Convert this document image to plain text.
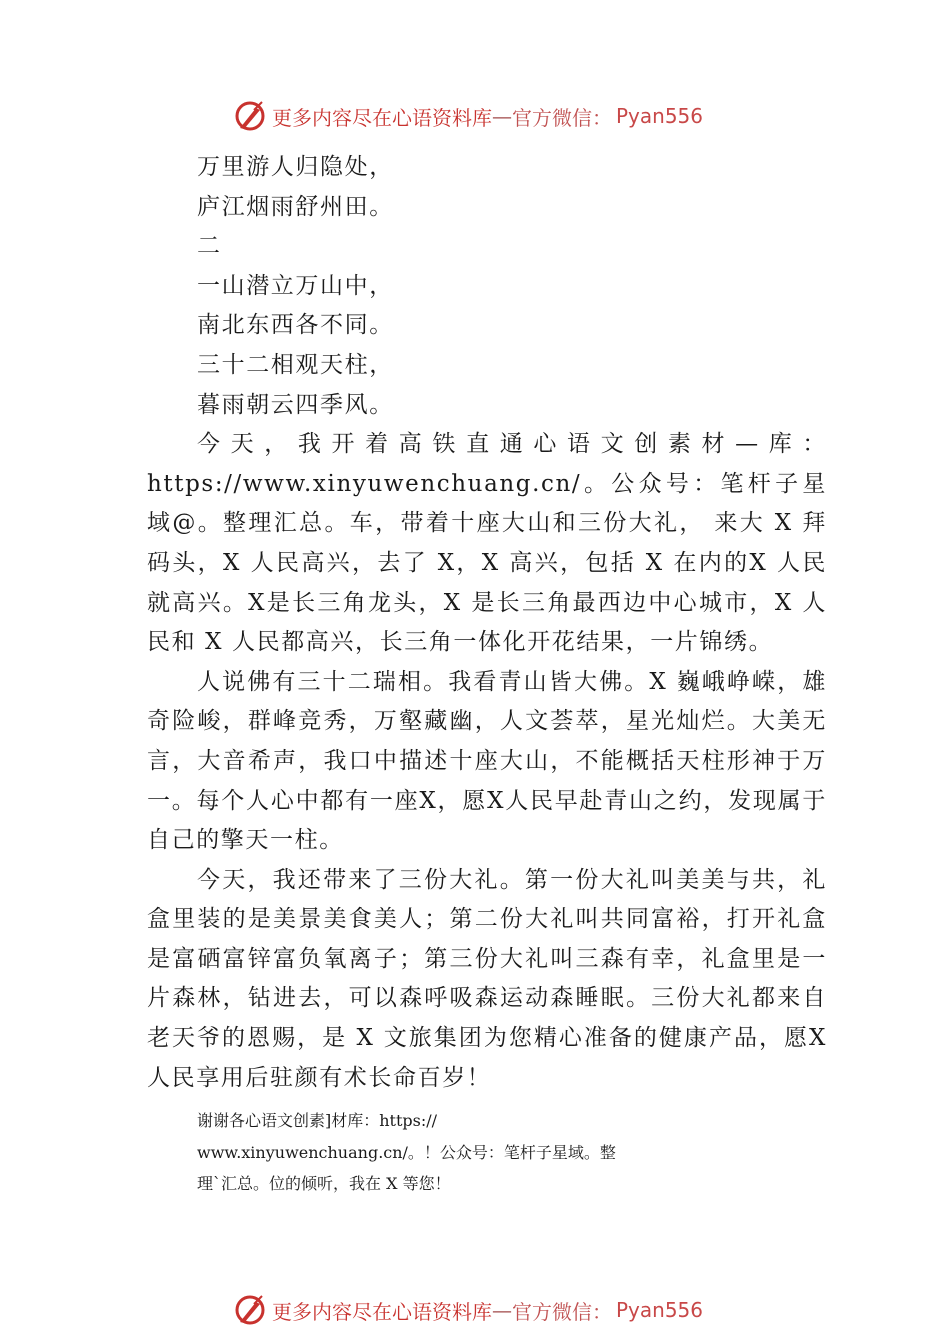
更多内容尽在心语资料库 — 官方微信： Pyan556

万里游人归隐处，

庐江烟雨舒州田。

二

一山潜立万山中，

南北东西各不同。

三十二相观天柱，

暮雨朝云四季风。

今天，我开着高铁直通心语文创素材—库：https://www.xinyuwenchuang.cn/。公众号：笔杆子星域@。整理汇总。车，带着十座大山和三份大礼， 来大 X 拜码头，X 人民高兴，去了 X，X 高兴，包括 X 在内的X 人民就高兴。X是长三角龙头，X 是长三角最西边中心城市，X 人民和 X 人民都高兴，长三角一体化开花结果，一片锦绣。

人说佛有三十二瑞相。我看青山皆大佛。X 巍峨峥嵘，雄奇险峻，群峰竞秀，万壑藏幽，人文荟萃，星光灿烂。大美无言，大音希声，我口中描述十座大山，不能概括天柱形神于万一。每个人心中都有一座X，愿X人民早赴青山之约，发现属于自己的擎天一柱。

今天，我还带来了三份大礼。第一份大礼叫美美与共，礼盒里装的是美景美食美人；第二份大礼叫共同富裕，打开礼盒是富硒富锌富负氧离子；第三份大礼叫三森有幸，礼盒里是一片森林，钻进去，可以森呼吸森运动森睡眠。三份大礼都来自老天爷的恩赐，是 X 文旅集团为您精心准备的健康产品，愿X人民享用后驻颜有术长命百岁！

谢谢各心语文创素]材库：https://
www.xinyuwenchuang.cn/。！公众号：笔杆子星域。整
理`汇总。位的倾听，我在 X 等您！
更多内容尽在心语资料库 — 官方微信： Pyan556
